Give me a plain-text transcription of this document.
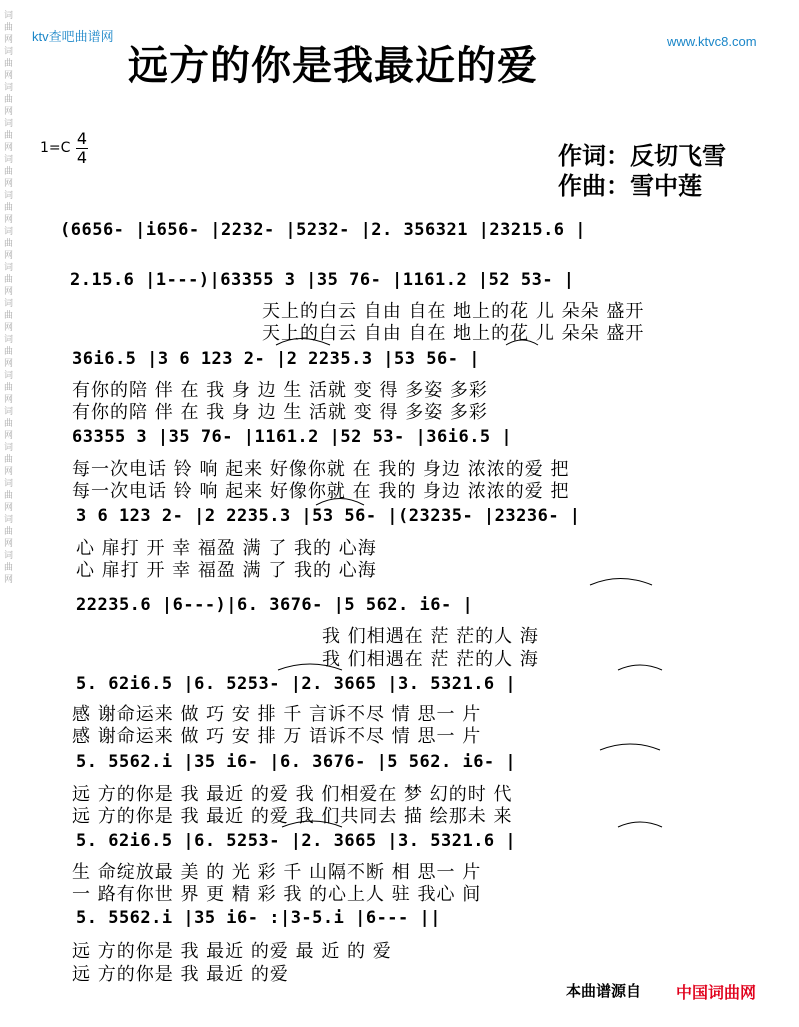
词
曲
网
词
曲
网
词
曲
网
词
曲
网
词
曲
网
词
曲
网
词
曲
网
词
曲
网
词
曲
网
词
曲
网
词
曲
网
词
曲
网
词
曲
网
词
曲
网
词
曲
网
词
曲
网
ktv查吧曲谱网	www.ktvc8.com
远方的你是我最近的爱
1=C 4
4	作词：反切飞雪
作曲：雪中莲
(6656- |i656- |2232- |5232- |2. 356321 |23215.6 |
2.15.6 |1---)|63355 3 |35 76- |1161.2 |52 53- |
天上的白云 自由 自在 地上的花 儿 朵朵 盛开
天上的白云 自由 自在 地上的花 儿 朵朵 盛开
36i6.5 |3 6 123 2- |2 2235.3 |53 56- |
有你的陪 伴 在 我 身 边 生 活就 变 得 多姿 多彩
有你的陪 伴 在 我 身 边 生 活就 变 得 多姿 多彩
63355 3 |35 76- |1161.2 |52 53- |36i6.5 |
每一次电话 铃 响 起来 好像你就 在 我的 身边 浓浓的爱 把
每一次电话 铃 响 起来 好像你就 在 我的 身边 浓浓的爱 把
3 6 123 2- |2 2235.3 |53 56- |(23235- |23236- |
心 扉打 开 幸 福盈 满 了 我的 心海
心 扉打 开 幸 福盈 满 了 我的 心海
22235.6 |6---)|6. 3676- |5 562. i6- |
我 们相遇在 茫 茫的人 海
我 们相遇在 茫 茫的人 海
5. 62i6.5 |6. 5253- |2. 3665 |3. 5321.6 |
感 谢命运来 做 巧 安 排 千 言诉不尽 情 思一 片
感 谢命运来 做 巧 安 排 万 语诉不尽 情 思一 片
5. 5562.i |35 i6- |6. 3676- |5 562. i6- |
远 方的你是 我 最近 的爱 我 们相爱在 梦 幻的时 代
远 方的你是 我 最近 的爱 我 们共同去 描 绘那未 来
5. 62i6.5 |6. 5253- |2. 3665 |3. 5321.6 |
生 命绽放最 美 的 光 彩 千 山隔不断 相 思一 片
一 路有你世 界 更 精 彩 我 的心上人 驻 我心 间
5. 5562.i |35 i6- :|3-5.i |6--- ||
远 方的你是 我 最近 的爱 最 近 的 爱
远 方的你是 我 最近 的爱
本曲谱源自 中国词曲网
